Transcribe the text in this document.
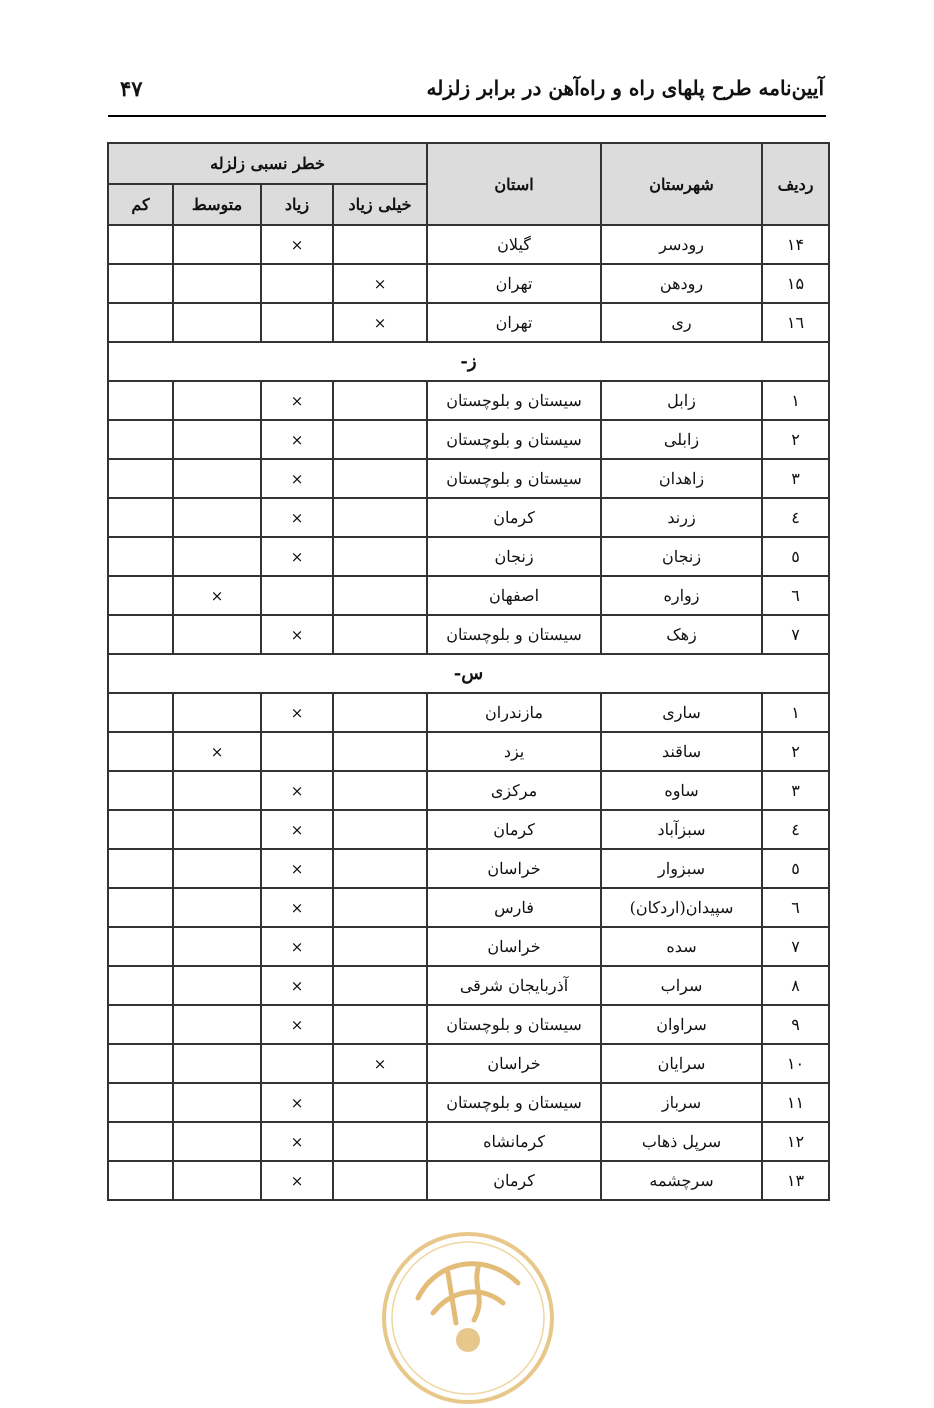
۴۷	آیین‌نامه طرح پلهای راه و راه‌آهن در برابر زلزله
ردیف	شهرستان	استان	خطر نسبی زلزله			
			خیلی زیاد	زیاد	متوسط	کم
۱۴	رودسر	گیلان		×		
۱۵	رودهن	تهران	×			
۱٦	ری	تهران	×			
ز-						
۱	زابل	سیستان و بلوچستان		×		
۲	زابلی	سیستان و بلوچستان		×		
۳	زاهدان	سیستان و بلوچستان		×		
٤	زرند	کرمان		×		
٥	زنجان	زنجان		×		
٦	زواره	اصفهان			×	
۷	زهک	سیستان و بلوچستان		×		
س-						
۱	ساری	مازندران		×		
۲	ساقند	یزد			×	
۳	ساوه	مرکزی		×		
٤	سبزآباد	کرمان		×		
٥	سبزوار	خراسان		×		
٦	سپیدان(اردکان)	فارس		×		
۷	سده	خراسان		×		
۸	سراب	آذربایجان شرقی		×		
۹	سراوان	سیستان و بلوچستان		×		
۱۰	سرایان	خراسان	×			
۱۱	سرباز	سیستان و بلوچستان		×		
۱۲	سرپل ذهاب	کرمانشاه		×		
۱۳	سرچشمه	کرمان		×		
